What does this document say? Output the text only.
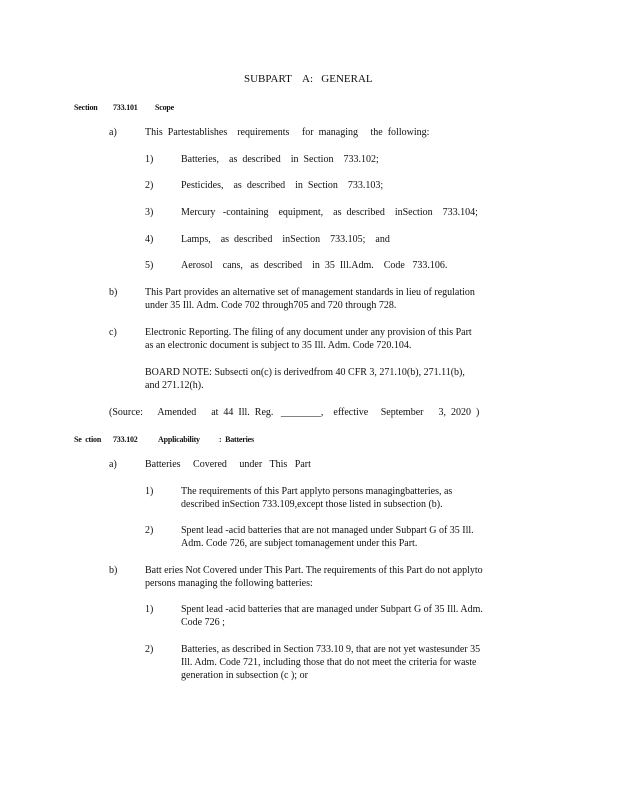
SUBPART    A:   GENERAL
Section 733.101 Scope
a)	This  Partestablishes    requirements     for  managing     the  following:
1)	Batteries,    as  described    in  Section    733.102;
2)	Pesticides,    as  described    in  Section    733.103;
3)	Mercury   -containing    equipment,    as  described    inSection    733.104;
4)	Lamps,    as  described    inSection    733.105;    and
5)	Aerosol    cans,   as  described    in  35  Ill.Adm.    Code   733.106.
b)	This Part provides an alternative set of management standards in lieu of regulation
under 35 Ill. Adm. Code 702 through705 and 720 through 728.
c)	Electronic Reporting. The filing of any document under any provision of this Part
as an electronic document is subject to 35 Ill. Adm. Code 720.104.
BOARD NOTE: Subsecti on(c) is derivedfrom 40 CFR 3, 271.10(b), 271.11(b),
and 271.12(h).
(Source:      Amended      at  44  Ill.  Reg.   ________,    effective     September      3,  2020  )
Se  ction 733.102	Applicability :  Batteries
a)	Batteries     Covered     under   This   Part
1)	The requirements of this Part applyto persons managingbatteries, as
described inSection 733.109,except those listed in subsection (b).
2)	Spent lead -acid batteries that are not managed under Subpart G of 35 Ill.
Adm. Code 726, are subject tomanagement under this Part.
b)	Batt eries Not Covered under This Part. The requirements of this Part do not applyto
persons managing the following batteries:
1)	Spent lead -acid batteries that are managed under Subpart G of 35 Ill. Adm.
Code 726 ;
2)	Batteries, as described in Section 733.10 9, that are not yet wastesunder 35
Ill. Adm. Code 721, including those that do not meet the criteria for waste
generation in subsection (c ); or
